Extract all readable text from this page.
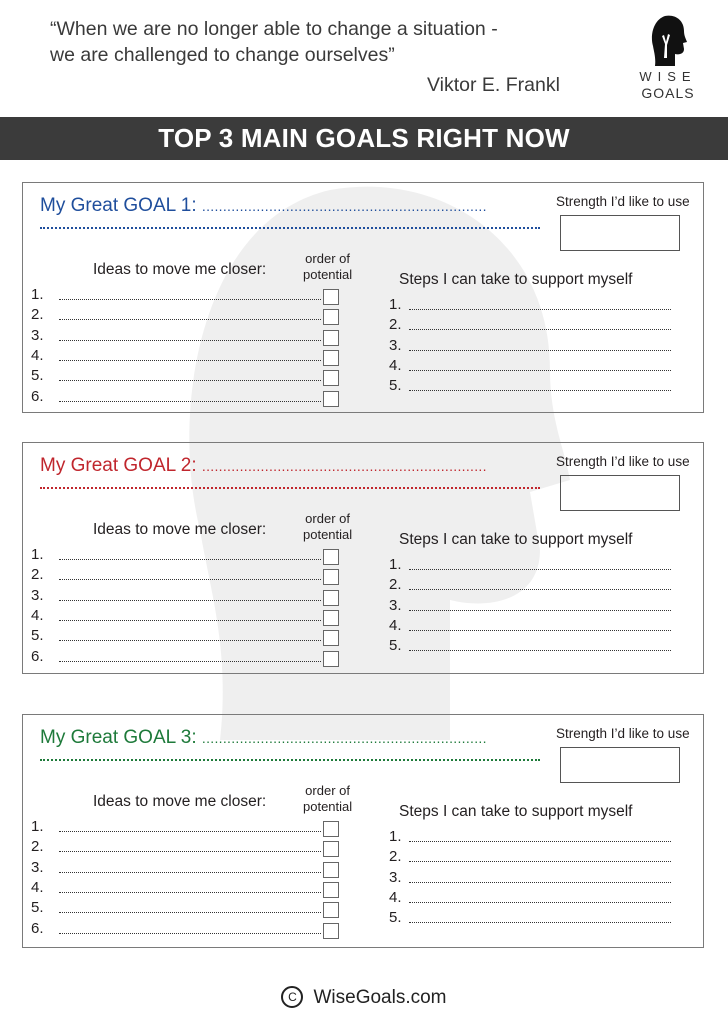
“When we are no longer able to change a situation -
we are challenged to change ourselves”
Viktor E. Frankl	WISE
GOALS
TOP 3 MAIN GOALS RIGHT NOW
My Great GOAL 1: ....................................................................	Strength I’d like to use
Ideas to move me closer:
order of
potential	Steps I can take to support myself
1.
2.
3.
4.
5.
6.
1.
2.
3.
4.
5.
My Great GOAL 2: ....................................................................	Strength I’d like to use
Ideas to move me closer:
order of
potential	Steps I can take to support myself
1.
2.
3.
4.
5.
6.
1.
2.
3.
4.
5.
My Great GOAL 3: ....................................................................	Strength I’d like to use
Ideas to move me closer:
order of
potential	Steps I can take to support myself
1.
2.
3.
4.
5.
6.
1.
2.
3.
4.
5.
C WiseGoals.com
